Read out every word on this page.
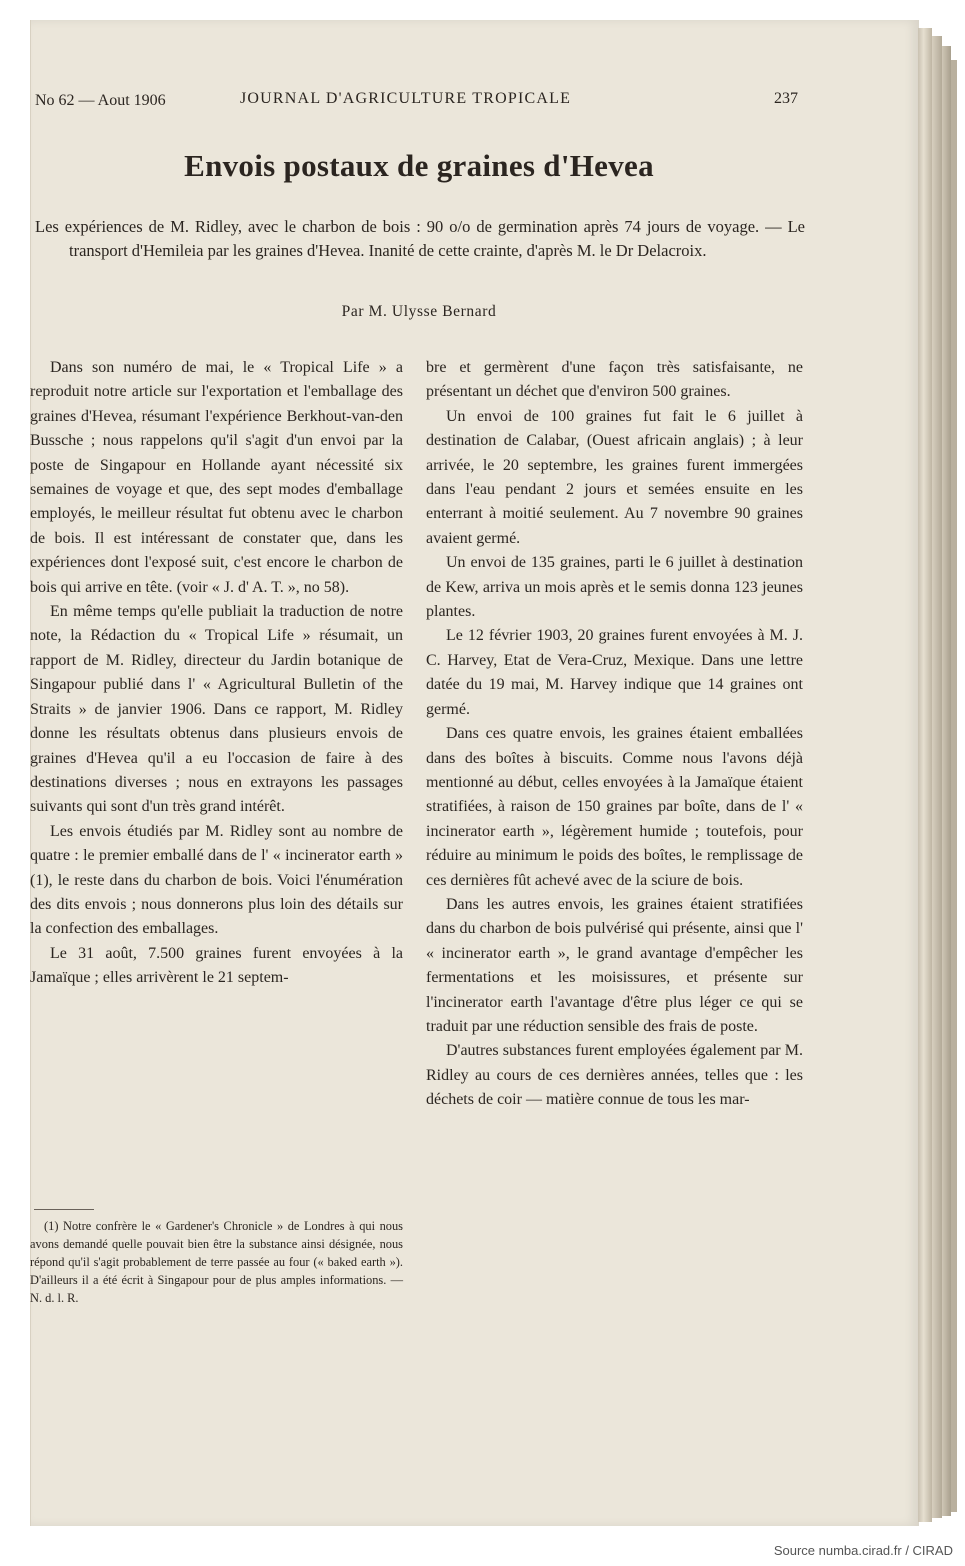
No 62 — Aout 1906	JOURNAL D'AGRICULTURE TROPICALE	237
Envois postaux de graines d'Hevea
Les expériences de M. Ridley, avec le charbon de bois : 90 o/o de germination après 74 jours de voyage. — Le transport d'Hemileia par les graines d'Hevea. Inanité de cette crainte, d'après M. le Dr Delacroix.
Par M. Ulysse Bernard

Dans son numéro de mai, le « Tropical Life » a reproduit notre article sur l'exportation et l'emballage des graines d'Hevea, résumant l'expérience Berkhout-van-den Bussche ; nous rappelons qu'il s'agit d'un envoi par la poste de Singapour en Hollande ayant nécessité six semaines de voyage et que, des sept modes d'emballage employés, le meilleur résultat fut obtenu avec le charbon de bois. Il est intéressant de constater que, dans les expériences dont l'exposé suit, c'est encore le charbon de bois qui arrive en tête. (voir « J. d' A. T. », no 58).

En même temps qu'elle publiait la traduction de notre note, la Rédaction du « Tropical Life » résumait, un rapport de M. Ridley, directeur du Jardin botanique de Singapour publié dans l' « Agricultural Bulletin of the Straits » de janvier 1906. Dans ce rapport, M. Ridley donne les résultats obtenus dans plusieurs envois de graines d'Hevea qu'il a eu l'occasion de faire à des destinations diverses ; nous en extrayons les passages suivants qui sont d'un très grand intérêt.

Les envois étudiés par M. Ridley sont au nombre de quatre : le premier emballé dans de l' « incinerator earth » (1), le reste dans du charbon de bois. Voici l'énumération des dits envois ; nous donnerons plus loin des détails sur la confection des emballages.

Le 31 août, 7.500 graines furent envoyées à la Jamaïque ; elles arrivèrent le 21 septem-

bre et germèrent d'une façon très satisfaisante, ne présentant un déchet que d'environ 500 graines.

Un envoi de 100 graines fut fait le 6 juillet à destination de Calabar, (Ouest africain anglais) ; à leur arrivée, le 20 septembre, les graines furent immergées dans l'eau pendant 2 jours et semées ensuite en les enterrant à moitié seulement. Au 7 novembre 90 graines avaient germé.

Un envoi de 135 graines, parti le 6 juillet à destination de Kew, arriva un mois après et le semis donna 123 jeunes plantes.

Le 12 février 1903, 20 graines furent envoyées à M. J. C. Harvey, Etat de Vera-Cruz, Mexique. Dans une lettre datée du 19 mai, M. Harvey indique que 14 graines ont germé.

Dans ces quatre envois, les graines étaient emballées dans des boîtes à biscuits. Comme nous l'avons déjà mentionné au début, celles envoyées à la Jamaïque étaient stratifiées, à raison de 150 graines par boîte, dans de l' « incinerator earth », légèrement humide ; toutefois, pour réduire au minimum le poids des boîtes, le remplissage de ces dernières fût achevé avec de la sciure de bois.

Dans les autres envois, les graines étaient stratifiées dans du charbon de bois pulvérisé qui présente, ainsi que l' « incinerator earth », le grand avantage d'empêcher les fermentations et les moisissures, et présente sur l'incinerator earth l'avantage d'être plus léger ce qui se traduit par une réduction sensible des frais de poste.

D'autres substances furent employées également par M. Ridley au cours de ces dernières années, telles que : les déchets de coir — matière connue de tous les mar-

(1) Notre confrère le « Gardener's Chronicle » de Londres à qui nous avons demandé quelle pouvait bien être la substance ainsi désignée, nous répond qu'il s'agit probablement de terre passée au four (« baked earth »). D'ailleurs il a été écrit à Singapour pour de plus amples informations. — N. d. l. R.

Source numba.cirad.fr / CIRAD
